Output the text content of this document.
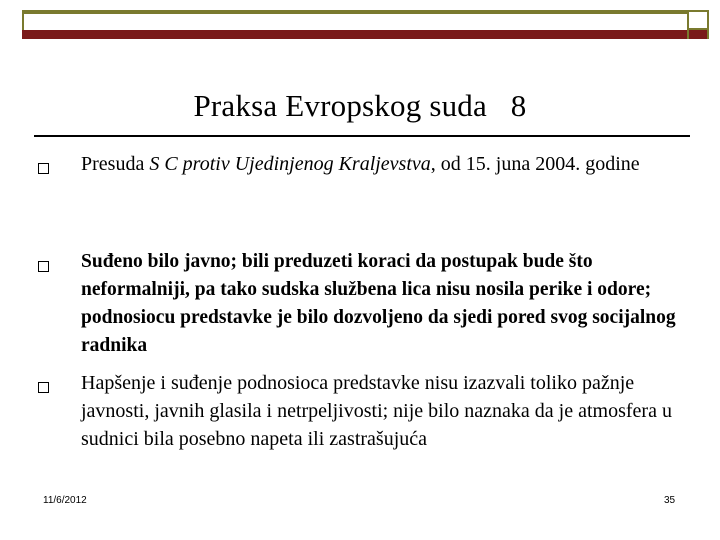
Praksa Evropskog suda   8
Presuda S C protiv Ujedinjenog Kraljevstva, od 15. juna 2004. godine
Suđeno bilo javno; bili preduzeti koraci da postupak bude što neformalniji, pa tako sudska službena lica nisu nosila perike i odore; podnosiocu predstavke je bilo dozvoljeno da sjedi pored svog socijalnog radnika
Hapšenje i suđenje podnosioca predstavke nisu izazvali toliko pažnje javnosti, javnih glasila i netrpeljivosti; nije bilo naznaka da je atmosfera u sudnici bila posebno napeta ili zastrašujuća
11/6/2012	35
